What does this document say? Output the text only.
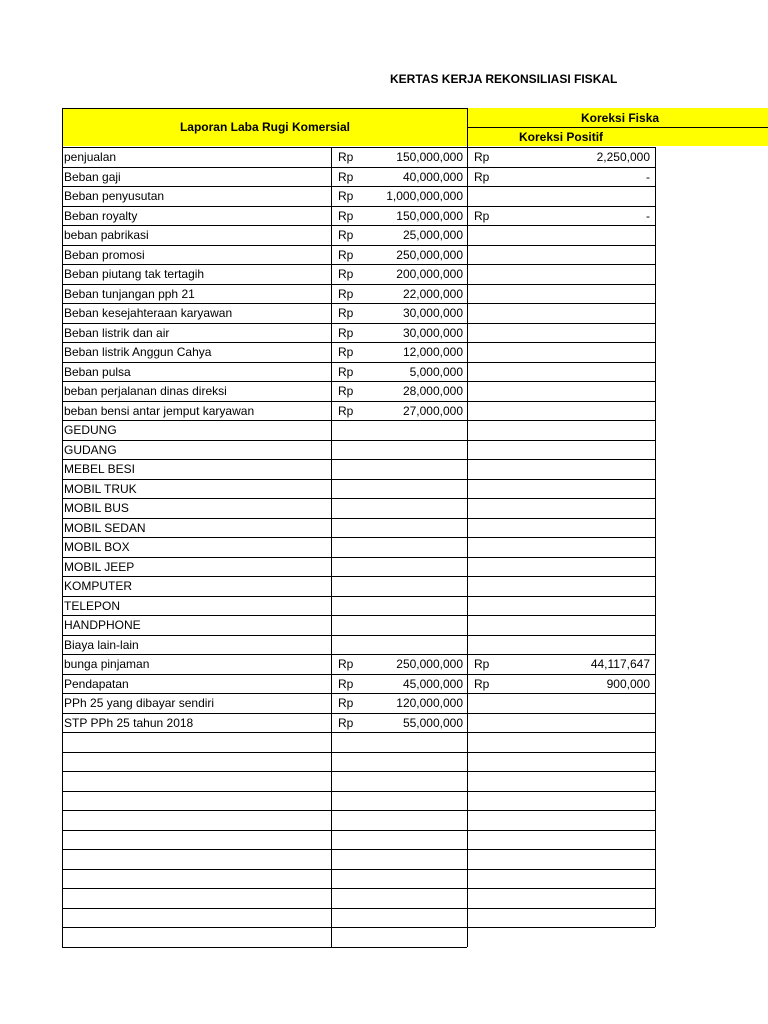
KERTAS KERJA REKONSILIASI FISKAL
Laporan Laba Rugi Komersial
Koreksi Fiska
Koreksi Positif
penjualan	Rp	150,000,000 Rp	2,250,000
Beban gaji	Rp	40,000,000 Rp	-
Beban penyusutan	Rp	1,000,000,000
Beban royalty	Rp	150,000,000 Rp	-
beban pabrikasi	Rp	25,000,000
Beban promosi	Rp	250,000,000
Beban piutang tak tertagih	Rp	200,000,000
Beban tunjangan pph 21	Rp	22,000,000
Beban kesejahteraan karyawan	Rp	30,000,000
Beban listrik dan air	Rp	30,000,000
Beban listrik Anggun Cahya	Rp	12,000,000
Beban pulsa	Rp	5,000,000
beban perjalanan dinas direksi	Rp	28,000,000
beban bensi antar jemput karyawan	Rp	27,000,000
GEDUNG
GUDANG
MEBEL BESI
MOBIL TRUK
MOBIL BUS
MOBIL SEDAN
MOBIL BOX
MOBIL JEEP
KOMPUTER
TELEPON
HANDPHONE
Biaya lain-lain
bunga pinjaman	Rp	250,000,000 Rp	44,117,647
Pendapatan	Rp	45,000,000 Rp	900,000
PPh 25 yang dibayar sendiri	Rp	120,000,000
STP PPh 25 tahun 2018	Rp	55,000,000
